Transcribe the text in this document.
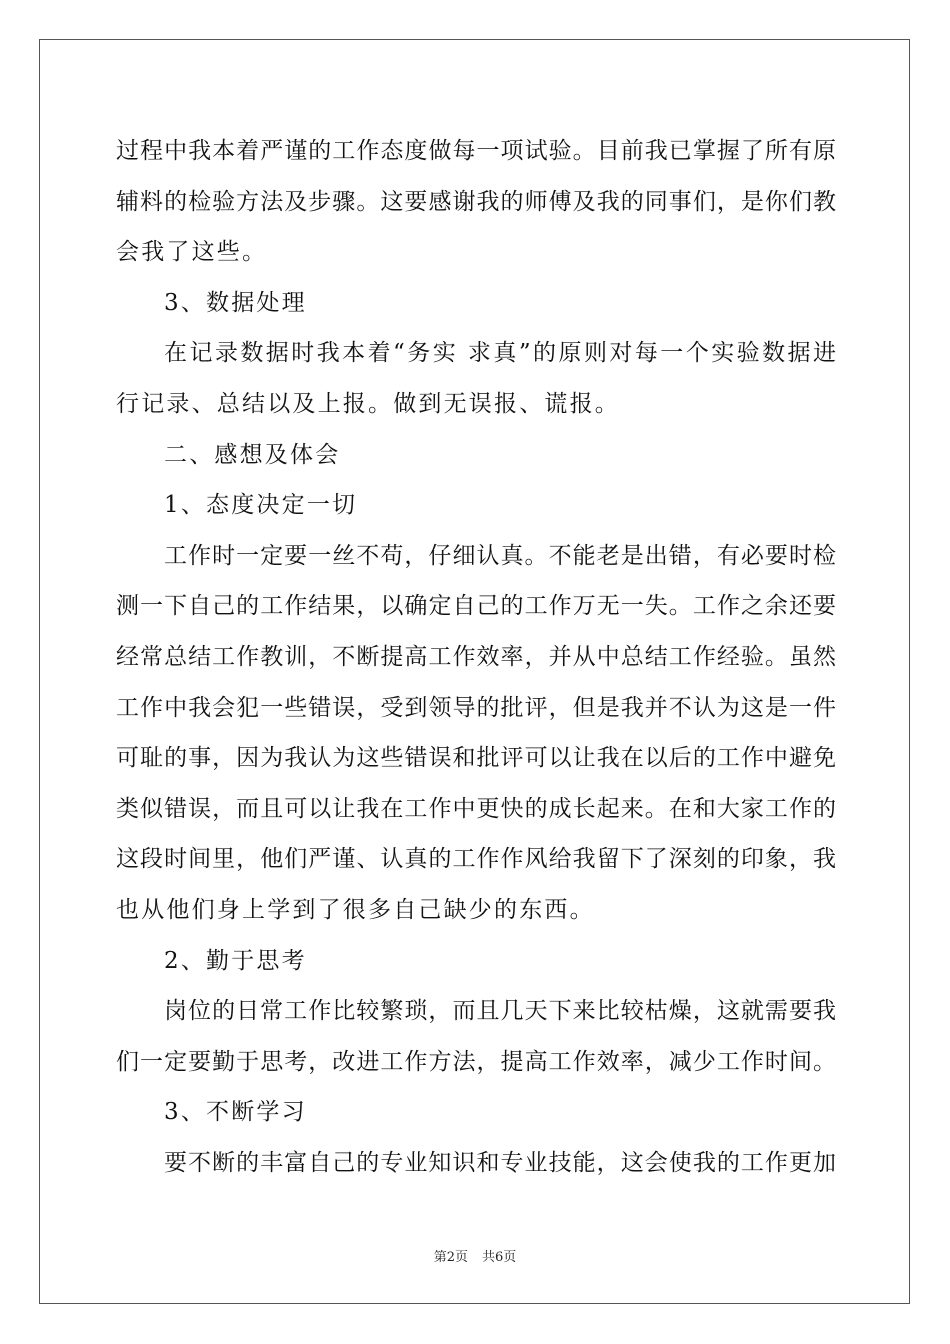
过程中我本着严谨的工作态度做每一项试验。目前我已掌握了所有原
辅料的检验方法及步骤。这要感谢我的师傅及我的同事们，是你们教
会我了这些。
3、数据处理
在记录数据时我本着“务实 求真”的原则对每一个实验数据进
行记录、总结以及上报。做到无误报、谎报。
二、感想及体会
1、态度决定一切
工作时一定要一丝不苟，仔细认真。不能老是出错，有必要时检
测一下自己的工作结果，以确定自己的工作万无一失。工作之余还要
经常总结工作教训，不断提高工作效率，并从中总结工作经验。虽然
工作中我会犯一些错误，受到领导的批评，但是我并不认为这是一件
可耻的事，因为我认为这些错误和批评可以让我在以后的工作中避免
类似错误，而且可以让我在工作中更快的成长起来。在和大家工作的
这段时间里，他们严谨、认真的工作作风给我留下了深刻的印象，我
也从他们身上学到了很多自己缺少的东西。
2、勤于思考
岗位的日常工作比较繁琐，而且几天下来比较枯燥，这就需要我
们一定要勤于思考，改进工作方法，提高工作效率，减少工作时间。
3、不断学习
要不断的丰富自己的专业知识和专业技能，这会使我的工作更加
第2页 共6页
